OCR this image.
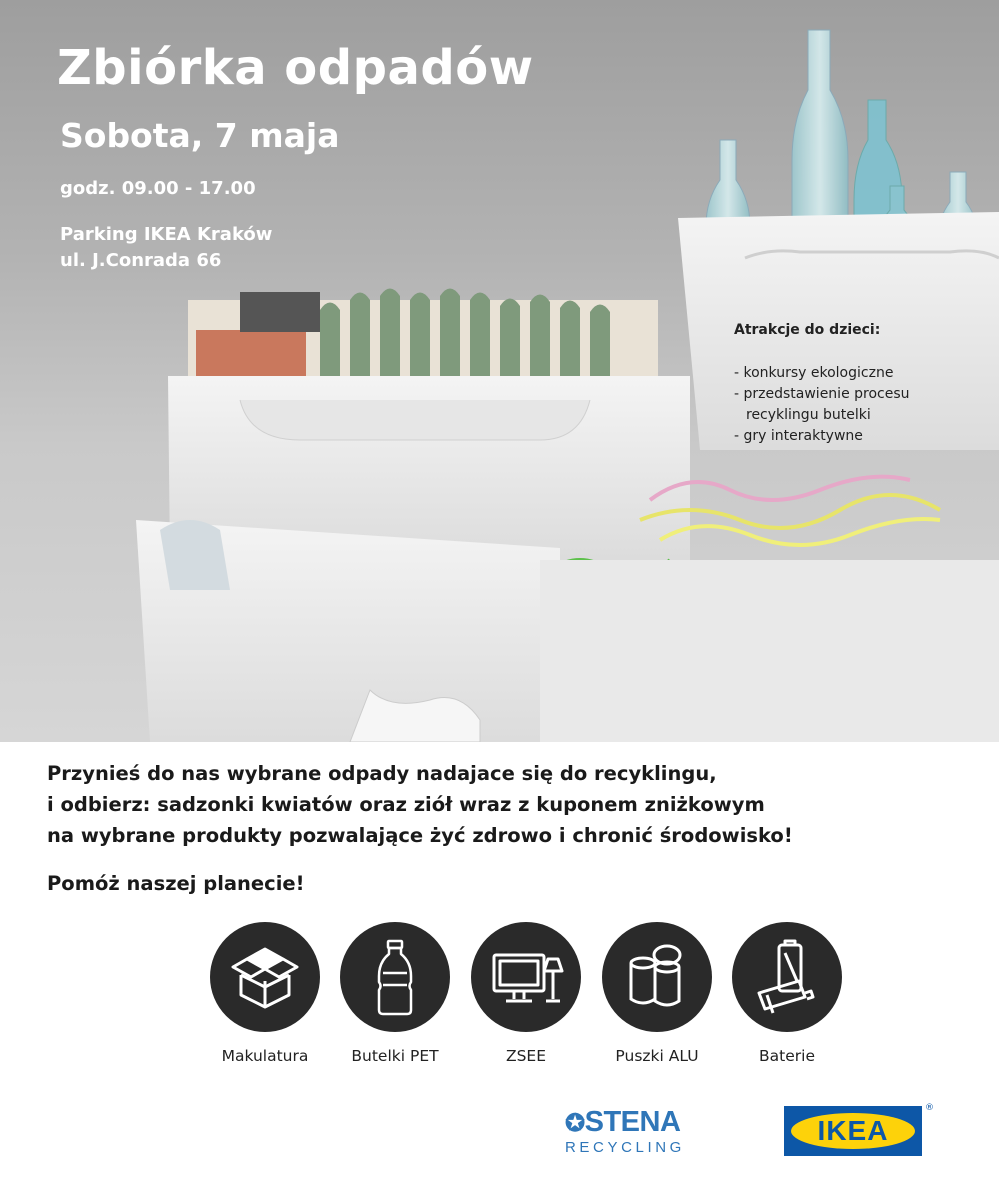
Zbiórka odpadów
Sobota, 7 maja
godz. 09.00 - 17.00
Parking IKEA Kraków
ul. J.Conrada 66
Atrakcje do dzieci:
- konkursy ekologiczne
- przedstawienie procesu recyklingu butelki
- gry interaktywne
Przynieś do nas wybrane odpady nadajace się do recyklingu,
i odbierz: sadzonki kwiatów oraz ziół wraz z kuponem zniżkowym
na wybrane produkty pozwalające żyć zdrowo i chronić środowisko!
Pomóż naszej planecie!
Makulatura	Butelki PET	ZSEE	Puszki ALU	Baterie
✪STENA
RECYCLING
IKEA
®
